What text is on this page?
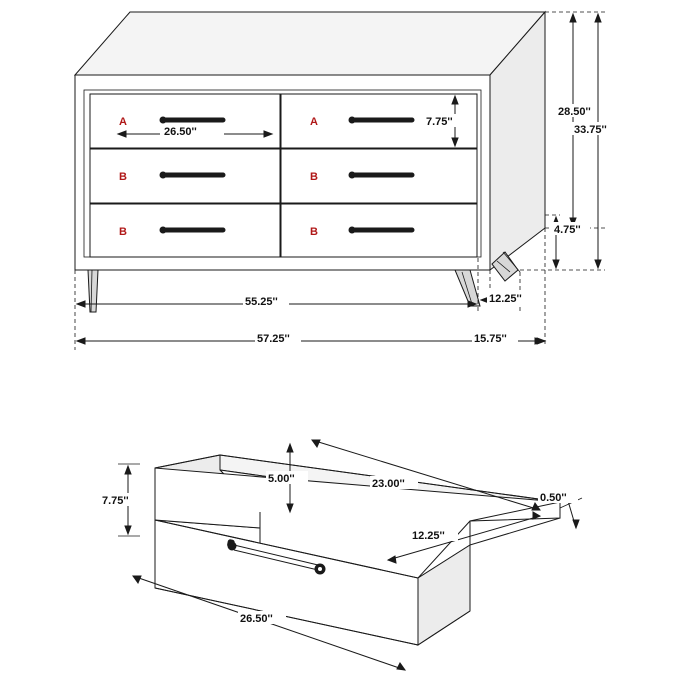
A	A
B	B
B	B
26.50''
7.75''
28.50''
33.75''
4.75''
55.25''
57.25''
12.25''
15.75''
7.75''
5.00''	23.00''
12.25''
0.50''
26.50''
